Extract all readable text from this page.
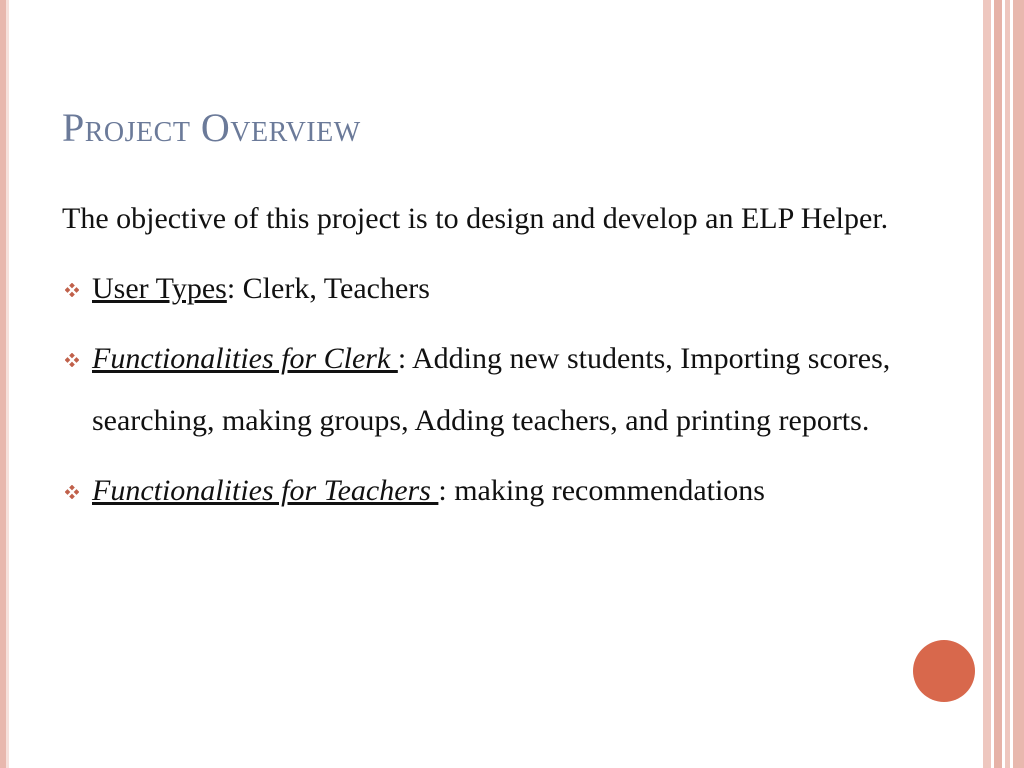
Project Overview

The objective of this project is to design and develop an ELP Helper.

User Types: Clerk, Teachers
Functionalities for Clerk : Adding new students, Importing scores, searching, making groups, Adding teachers, and printing reports.
Functionalities for Teachers : making recommendations
